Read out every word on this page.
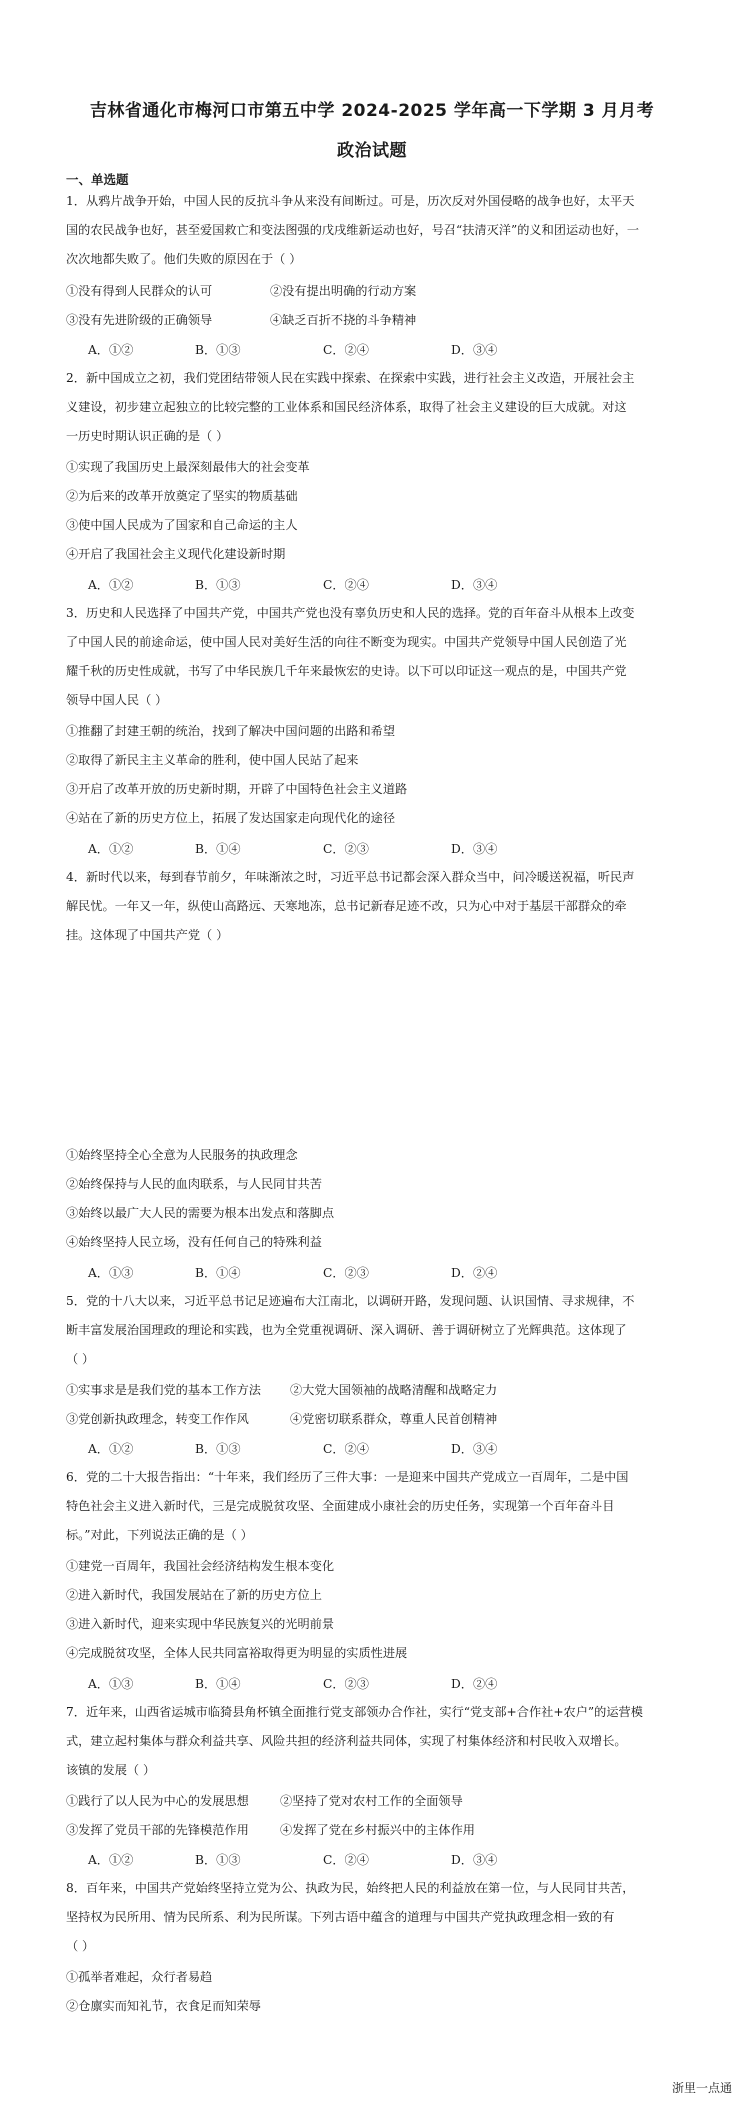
吉林省通化市梅河口市第五中学 2024-2025 学年高一下学期 3 月月考
政治试题
一、单选题
1．从鸦片战争开始，中国人民的反抗斗争从来没有间断过。可是，历次反对外国侵略的战争也好，太平天
国的农民战争也好，甚至爱国救亡和变法图强的戊戌维新运动也好，号召“扶清灭洋”的义和团运动也好，一
次次地都失败了。他们失败的原因在于（ ）
①没有得到人民群众的认可	②没有提出明确的行动方案
③没有先进阶级的正确领导	④缺乏百折不挠的斗争精神
A．①②	B．①③	C．②④	D．③④
2．新中国成立之初，我们党团结带领人民在实践中探索、在探索中实践，进行社会主义改造，开展社会主
义建设，初步建立起独立的比较完整的工业体系和国民经济体系，取得了社会主义建设的巨大成就。对这
一历史时期认识正确的是（ ）
①实现了我国历史上最深刻最伟大的社会变革
②为后来的改革开放奠定了坚实的物质基础
③使中国人民成为了国家和自己命运的主人
④开启了我国社会主义现代化建设新时期
A．①②	B．①③	C．②④	D．③④
3．历史和人民选择了中国共产党，中国共产党也没有辜负历史和人民的选择。党的百年奋斗从根本上改变
了中国人民的前途命运，使中国人民对美好生活的向往不断变为现实。中国共产党领导中国人民创造了光
耀千秋的历史性成就，书写了中华民族几千年来最恢宏的史诗。以下可以印证这一观点的是，中国共产党
领导中国人民（ ）
①推翻了封建王朝的统治，找到了解决中国问题的出路和希望
②取得了新民主主义革命的胜利，使中国人民站了起来
③开启了改革开放的历史新时期，开辟了中国特色社会主义道路
④站在了新的历史方位上，拓展了发达国家走向现代化的途径
A．①②	B．①④	C．②③	D．③④
4．新时代以来，每到春节前夕，年味渐浓之时，习近平总书记都会深入群众当中，问冷暖送祝福，听民声
解民忧。一年又一年，纵使山高路远、天寒地冻，总书记新春足迹不改，只为心中对于基层干部群众的牵
挂。这体现了中国共产党（ ）
①始终坚持全心全意为人民服务的执政理念
②始终保持与人民的血肉联系，与人民同甘共苦
③始终以最广大人民的需要为根本出发点和落脚点
④始终坚持人民立场，没有任何自己的特殊利益
A．①③	B．①④	C．②③	D．②④
5．党的十八大以来，习近平总书记足迹遍布大江南北，以调研开路，发现问题、认识国情、寻求规律，不
断丰富发展治国理政的理论和实践，也为全党重视调研、深入调研、善于调研树立了光辉典范。这体现了
（ ）
①实事求是是我们党的基本工作方法 ②大党大国领袖的战略清醒和战略定力
③党创新执政理念，转变工作作风	④党密切联系群众，尊重人民首创精神
A．①②	B．①③	C．②④	D．③④
6．党的二十大报告指出：“十年来，我们经历了三件大事：一是迎来中国共产党成立一百周年，二是中国
特色社会主义进入新时代，三是完成脱贫攻坚、全面建成小康社会的历史任务，实现第一个百年奋斗目
标。”对此，下列说法正确的是（ ）
①建党一百周年，我国社会经济结构发生根本变化
②进入新时代，我国发展站在了新的历史方位上
③进入新时代，迎来实现中华民族复兴的光明前景
④完成脱贫攻坚，全体人民共同富裕取得更为明显的实质性进展
A．①③	B．①④	C．②③	D．②④
7．近年来，山西省运城市临猗县角杯镇全面推行党支部领办合作社，实行“党支部+合作社+农户”的运营模
式，建立起村集体与群众利益共享、风险共担的经济利益共同体，实现了村集体经济和村民收入双增长。
该镇的发展（ ）
①践行了以人民为中心的发展思想	②坚持了党对农村工作的全面领导
③发挥了党员干部的先锋模范作用	④发挥了党在乡村振兴中的主体作用
A．①②	B．①③	C．②④	D．③④
8．百年来，中国共产党始终坚持立党为公、执政为民，始终把人民的利益放在第一位，与人民同甘共苦，
坚持权为民所用、情为民所系、利为民所谋。下列古语中蕴含的道理与中国共产党执政理念相一致的有
（ ）
①孤举者难起，众行者易趋
②仓廪实而知礼节，衣食足而知荣辱
浙里一点通
